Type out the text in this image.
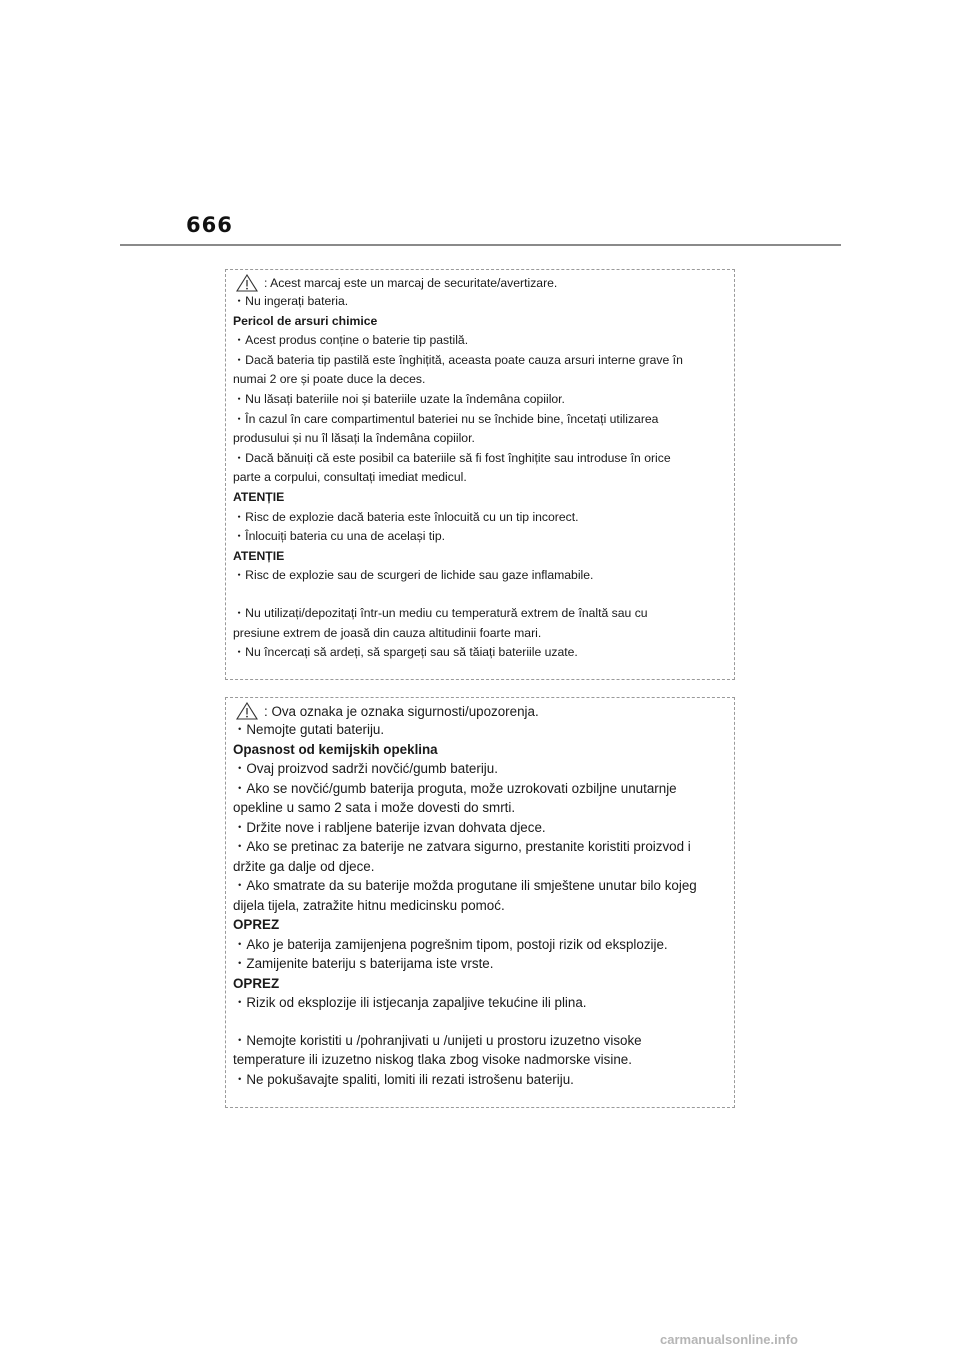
666
: Acest marcaj este un marcaj de securitate/avertizare.

・Nu ingerați bateria.

Pericol de arsuri chimice

・Acest produs conține o baterie tip pastilă.

・Dacă bateria tip pastilă este înghițită, aceasta poate cauza arsuri interne grave în

numai 2 ore și poate duce la deces.

・Nu lăsați bateriile noi și bateriile uzate la îndemâna copiilor.

・În cazul în care compartimentul bateriei nu se închide bine, încetați utilizarea

produsului și nu îl lăsați la îndemâna copiilor.

・Dacă bănuiți că este posibil ca bateriile să fi fost înghițite sau introduse în orice

parte a corpului, consultați imediat medicul.

ATENȚIE

・Risc de explozie dacă bateria este înlocuită cu un tip incorect.

・Înlocuiți bateria cu una de același tip.

ATENȚIE

・Risc de explozie sau de scurgeri de lichide sau gaze inflamabile.

・Nu utilizați/depozitați într-un mediu cu temperatură extrem de înaltă sau cu

presiune extrem de joasă din cauza altitudinii foarte mari.

・Nu încercați să ardeți, să spargeți sau să tăiați bateriile uzate.

: Ova oznaka je oznaka sigurnosti/upozorenja.

・Nemojte gutati bateriju.

Opasnost od kemijskih opeklina

・Ovaj proizvod sadrži novčić/gumb bateriju.

・Ako se novčić/gumb baterija proguta, može uzrokovati ozbiljne unutarnje

opekline u samo 2 sata i može dovesti do smrti.

・Držite nove i rabljene baterije izvan dohvata djece.

・Ako se pretinac za baterije ne zatvara sigurno, prestanite koristiti proizvod i

držite ga dalje od djece.

・Ako smatrate da su baterije možda progutane ili smještene unutar bilo kojeg

dijela tijela, zatražite hitnu medicinsku pomoć.

OPREZ

・Ako je baterija zamijenjena pogrešnim tipom, postoji rizik od eksplozije.

・Zamijenite bateriju s baterijama iste vrste.

OPREZ

・Rizik od eksplozije ili istjecanja zapaljive tekućine ili plina.

・Nemojte koristiti u /pohranjivati u /unijeti u prostoru izuzetno visoke

temperature ili izuzetno niskog tlaka zbog visoke nadmorske visine.

・Ne pokušavajte spaliti, lomiti ili rezati istrošenu bateriju.

carmanualsonline.info
